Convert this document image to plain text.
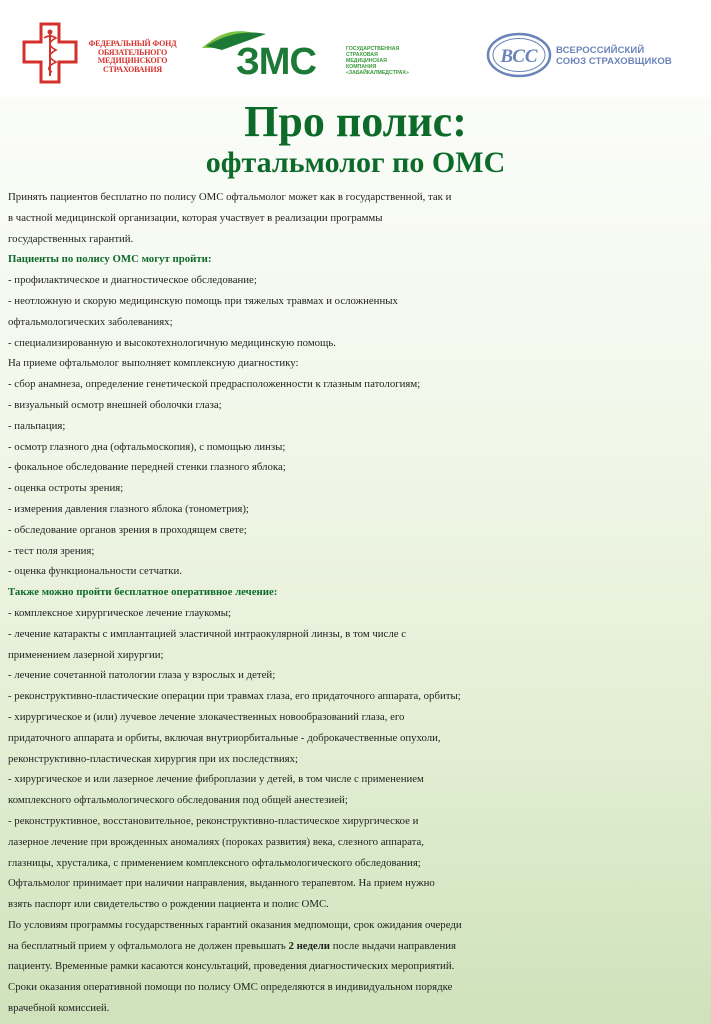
ФЕДЕРАЛЬНЫЙ ФОНД
ОБЯЗАТЕЛЬНОГО
МЕДИЦИНСКОГО
СТРАХОВАНИЯ	ЗМС	ГОСУДАРСТВЕННАЯ
СТРАХОВАЯ
МЕДИЦИНСКАЯ
КОМПАНИЯ
«ЗАБАЙКАЛМЕДСТРАХ»
ВСС ВСЕРОССИЙСКИЙ
СОЮЗ СТРАХОВЩИКОВ
Про полис:
офтальмолог по ОМС

Принять пациентов бесплатно по полису ОМС офтальмолог может как в государственной, так и

в частной медицинской организации, которая участвует в реализации программы

государственных гарантий.

Пациенты по полису ОМС могут пройти:

- профилактическое и диагностическое обследование;

- неотложную и скорую медицинскую помощь при тяжелых травмах и осложненных

офтальмологических заболеваниях;

- специализированную и высокотехнологичную медицинскую помощь.

На приеме офтальмолог выполняет комплексную диагностику:

- сбор анамнеза, определение генетической предрасположенности к глазным патологиям;

- визуальный осмотр внешней оболочки глаза;

- пальпация;

- осмотр глазного дна (офтальмоскопия), с помощью линзы;

- фокальное обследование передней стенки глазного яблока;

- оценка остроты зрения;

- измерения давления глазного яблока (тонометрия);

- обследование органов зрения в проходящем свете;

- тест поля зрения;

- оценка функциональности сетчатки.

Также можно пройти бесплатное оперативное лечение:

- комплексное хирургическое лечение глаукомы;

- лечение катаракты с имплантацией эластичной интраокулярной линзы, в том числе с

применением лазерной хирургии;

- лечение сочетанной патологии глаза у взрослых и детей;

- реконструктивно-пластические операции при травмах глаза, его придаточного аппарата, орбиты;

- хирургическое и (или) лучевое лечение злокачественных новообразований глаза, его

придаточного аппарата и орбиты, включая внутриорбитальные - доброкачественные опухоли,

реконструктивно-пластическая хирургия при их последствиях;

- хирургическое и или лазерное лечение фиброплазии у детей, в том числе с применением

комплексного офтальмологического обследования под общей анестезией;

- реконструктивное, восстановительное, реконструктивно-пластическое хирургическое и

лазерное лечение при врожденных аномалиях (пороках развития) века, слезного аппарата,

глазницы, хрусталика, с применением комплексного офтальмологического обследования;

Офтальмолог принимает при наличии направления, выданного терапевтом. На прием нужно

взять паспорт или свидетельство о рождении пациента и полис ОМС.

По условиям программы государственных гарантий оказания медпомощи, срок ожидания очереди

на бесплатный прием у офтальмолога не должен превышать 2 недели после выдачи направления

пациенту. Временные рамки касаются консультаций, проведения диагностических мероприятий.

Сроки оказания оперативной помощи по полису ОМС определяются в индивидуальном порядке

врачебной комиссией.
